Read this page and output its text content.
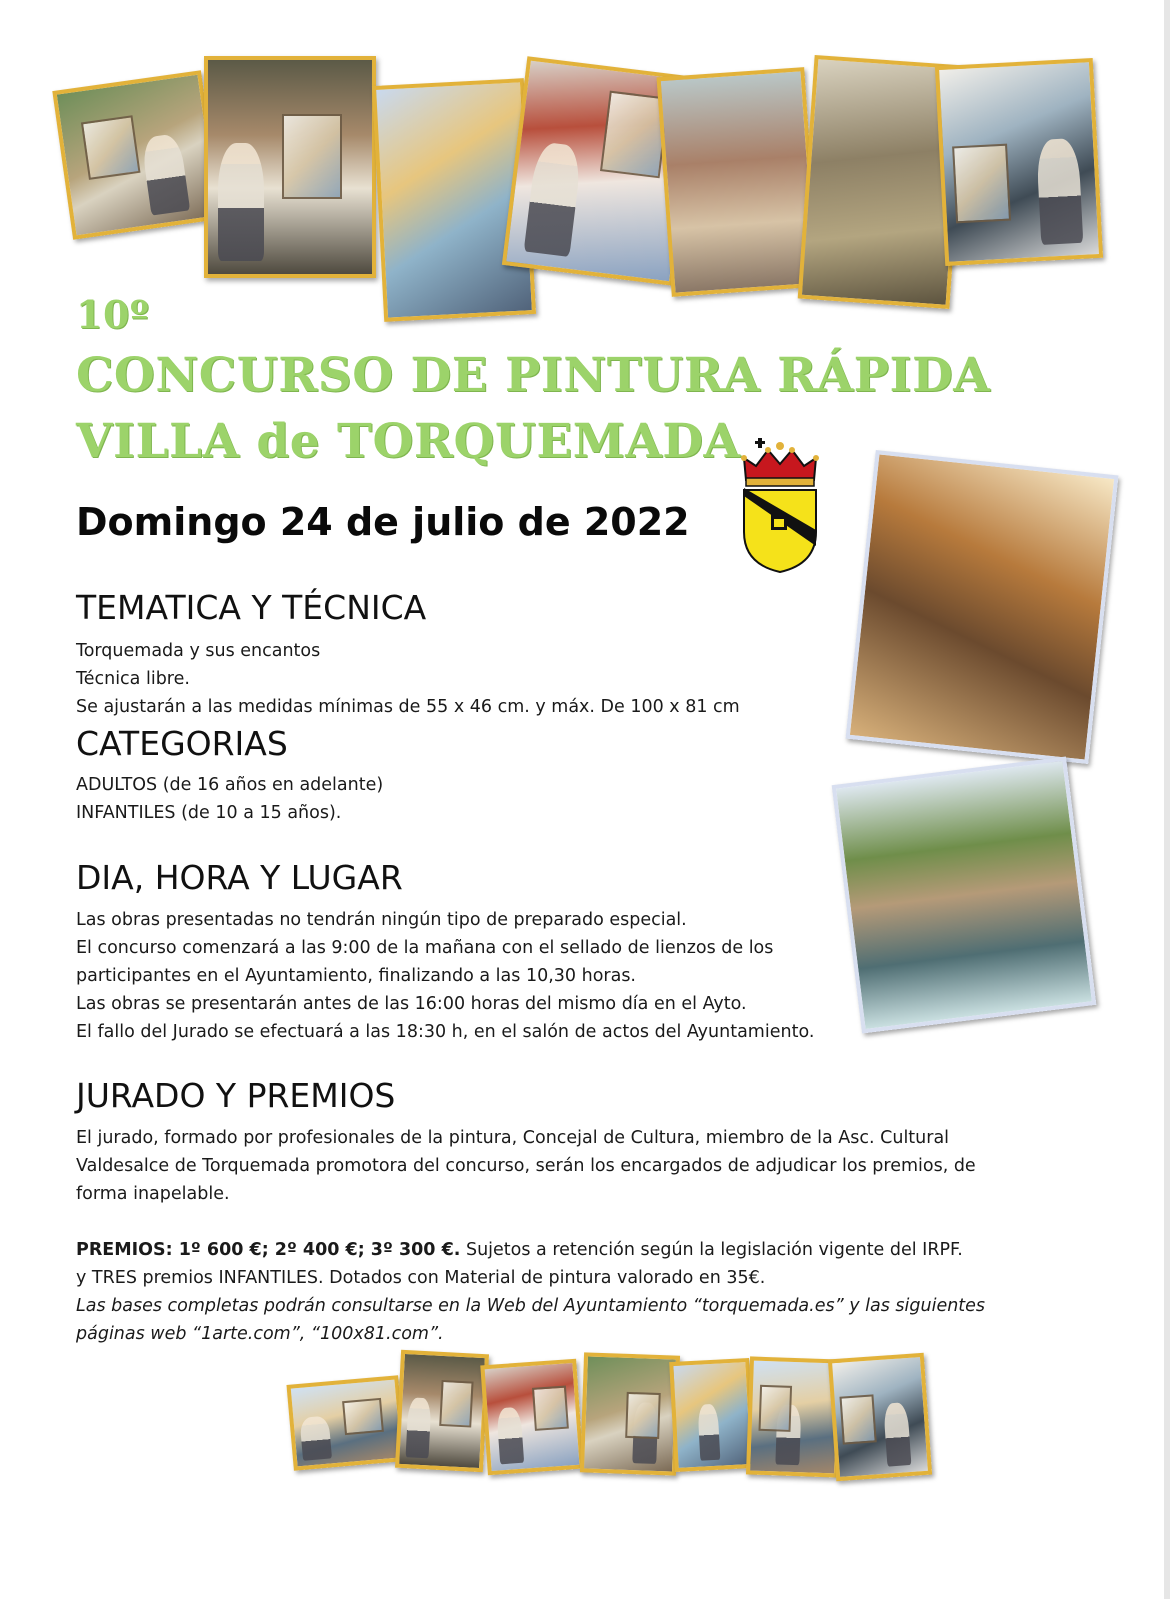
10º
CONCURSO DE PINTURA RÁPIDA
VILLA de TORQUEMADA
Domingo 24 de julio de 2022
TEMATICA Y TÉCNICA
Torquemada y sus encantos
Técnica libre.
Se ajustarán a las medidas mínimas de 55 x 46 cm. y máx. De 100 x 81 cm
CATEGORIAS
ADULTOS (de 16 años en adelante)
INFANTILES (de 10 a 15 años).
DIA, HORA Y LUGAR
Las obras presentadas no tendrán ningún tipo de preparado especial.
El concurso comenzará a las 9:00 de la mañana con el sellado de lienzos de los
participantes en el Ayuntamiento, finalizando a las 10,30 horas.
Las obras se presentarán antes de las 16:00 horas del mismo día en el Ayto.
El fallo del Jurado se efectuará a las 18:30 h, en el salón de actos del Ayuntamiento.
JURADO Y PREMIOS
El jurado, formado por profesionales de la pintura, Concejal de Cultura, miembro de la Asc. Cultural
Valdesalce de Torquemada promotora del concurso, serán los encargados de adjudicar los premios, de
forma inapelable.
PREMIOS: 1º 600 €; 2º 400 €; 3º 300 €. Sujetos a retención según la legislación vigente del IRPF.
y TRES premios INFANTILES. Dotados con Material de pintura valorado en 35€.
Las bases completas podrán consultarse en la Web del Ayuntamiento “torquemada.es” y las siguientes
páginas web “1arte.com”, “100x81.com”.
